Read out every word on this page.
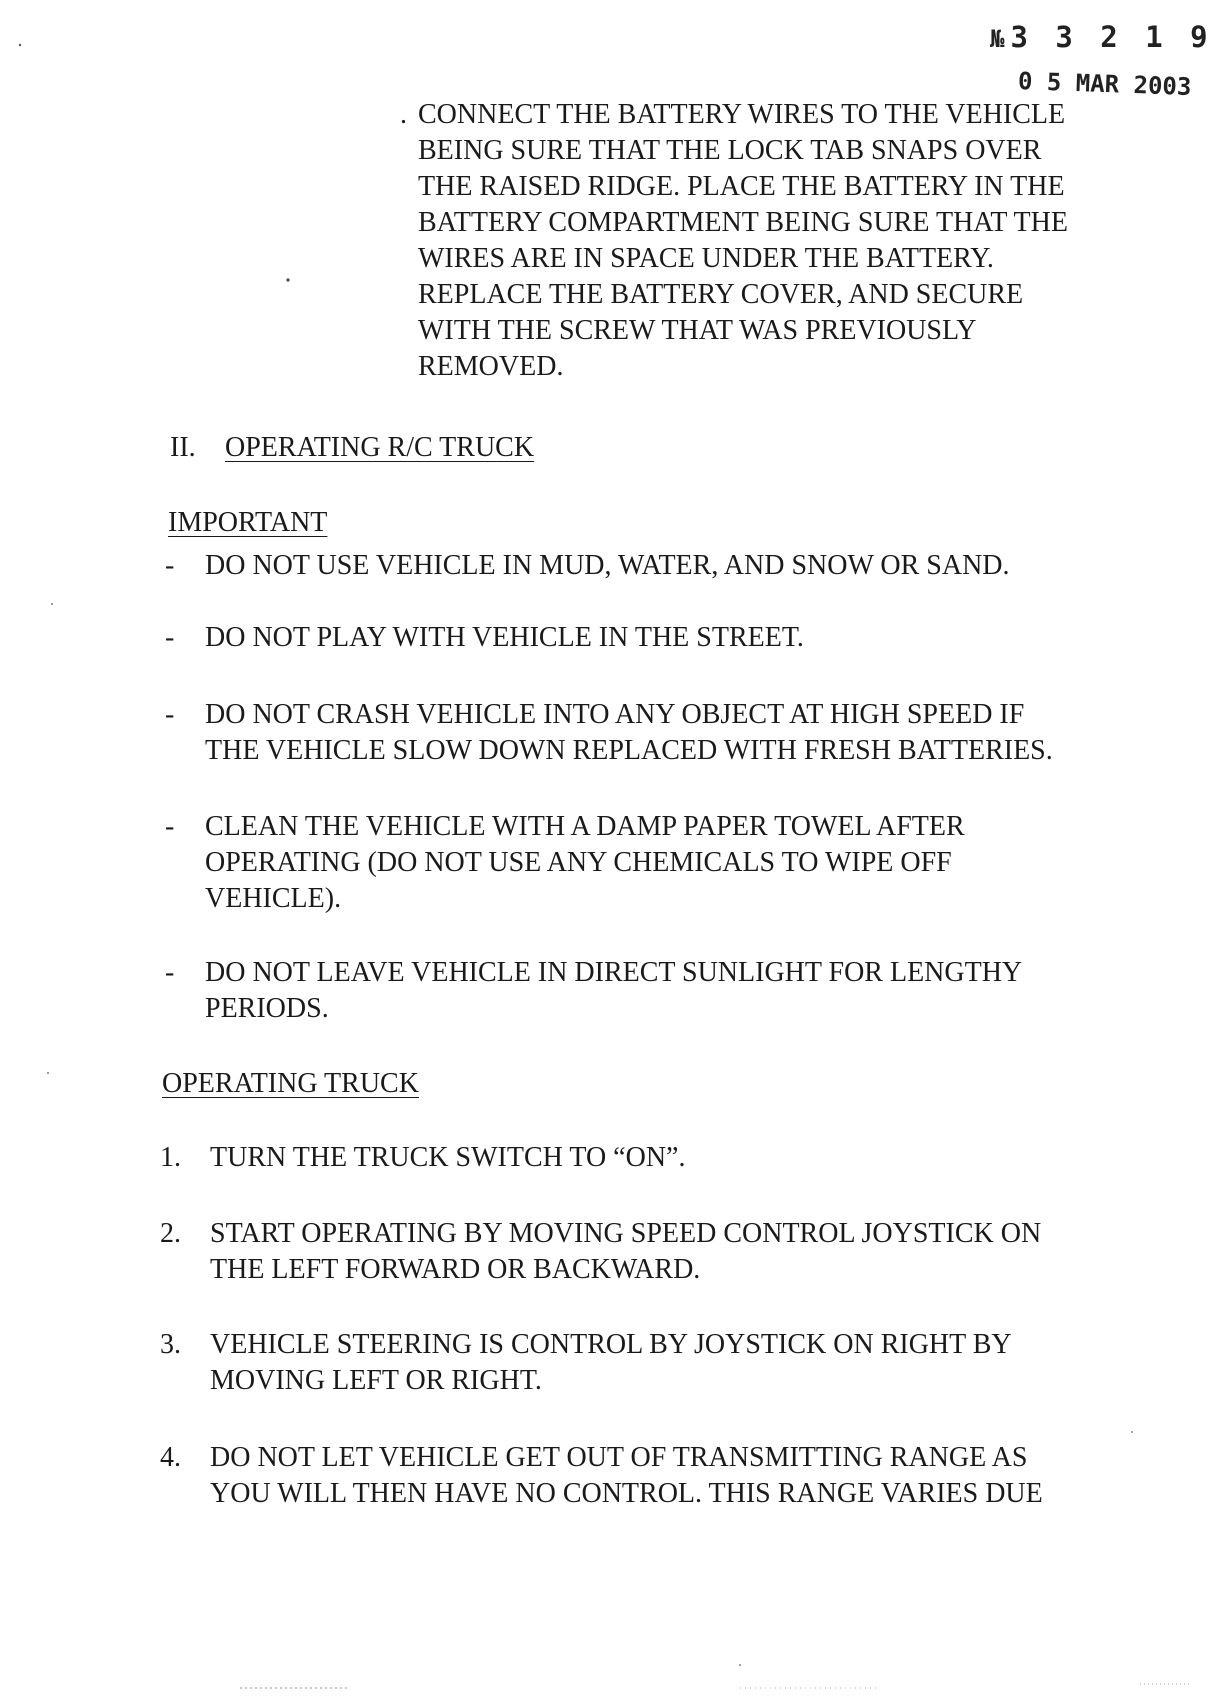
№ 3 3 2 1 9
0 5 MAR 2003
. CONNECT THE BATTERY WIRES TO THE VEHICLE
BEING SURE THAT THE LOCK TAB SNAPS OVER
THE RAISED RIDGE. PLACE THE BATTERY IN THE
BATTERY COMPARTMENT BEING SURE THAT THE
WIRES ARE IN SPACE UNDER THE BATTERY.
REPLACE THE BATTERY COVER, AND SECURE
WITH THE SCREW THAT WAS PREVIOUSLY
REMOVED.
II. OPERATING R/C TRUCK
IMPORTANT
- DO NOT USE VEHICLE IN MUD, WATER, AND SNOW OR SAND.
- DO NOT PLAY WITH VEHICLE IN THE STREET.
- DO NOT CRASH VEHICLE INTO ANY OBJECT AT HIGH SPEED IF
THE VEHICLE SLOW DOWN REPLACED WITH FRESH BATTERIES.
- CLEAN THE VEHICLE WITH A DAMP PAPER TOWEL AFTER
OPERATING (DO NOT USE ANY CHEMICALS TO WIPE OFF
VEHICLE).
- DO NOT LEAVE VEHICLE IN DIRECT SUNLIGHT FOR LENGTHY
PERIODS.
OPERATING TRUCK
1. TURN THE TRUCK SWITCH TO “ON”.
2. START OPERATING BY MOVING SPEED CONTROL JOYSTICK ON
THE LEFT FORWARD OR BACKWARD.
3. VEHICLE STEERING IS CONTROL BY JOYSTICK ON RIGHT BY
MOVING LEFT OR RIGHT.
4. DO NOT LET VEHICLE GET OUT OF TRANSMITTING RANGE AS
YOU WILL THEN HAVE NO CONTROL. THIS RANGE VARIES DUE
